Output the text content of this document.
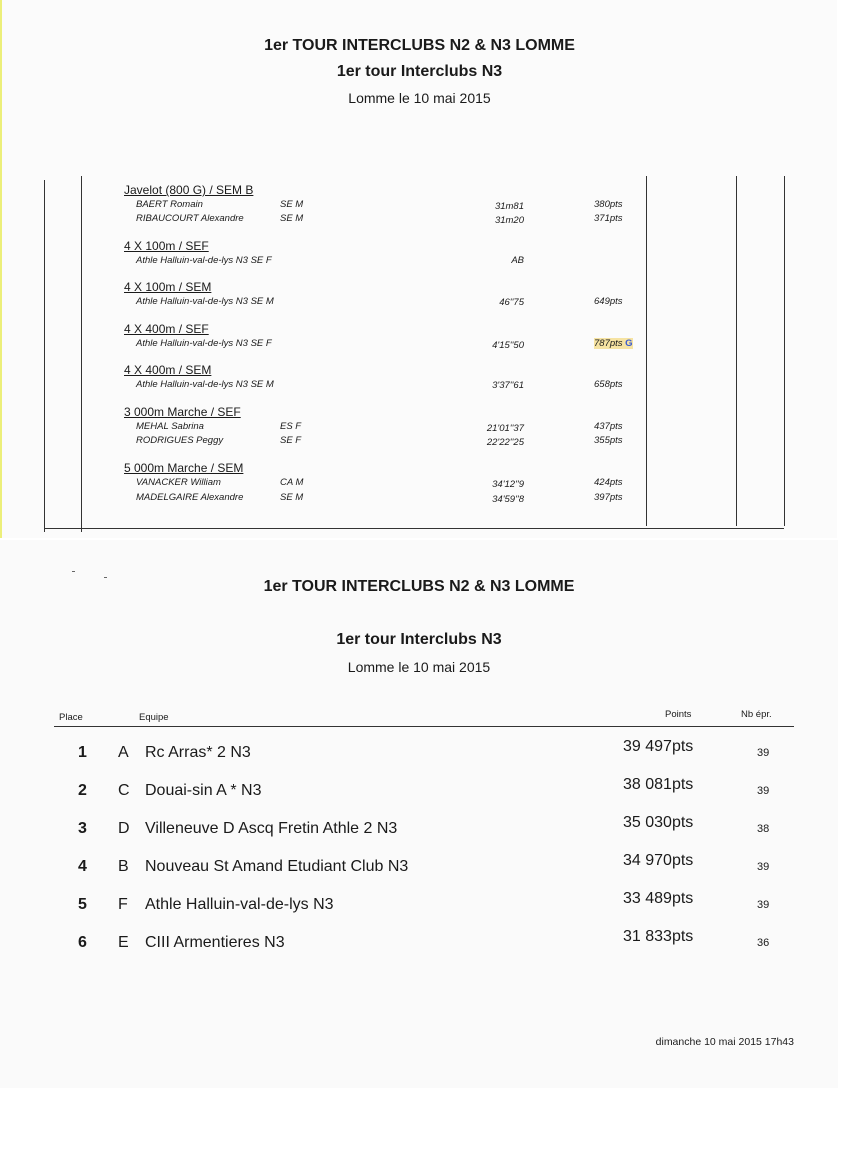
1er TOUR INTERCLUBS N2 & N3 LOMME
1er tour Interclubs N3
Lomme le 10 mai 2015
Javelot (800 G) / SEM B
BAERT Romain	SE M	31m81	380pts
RIBAUCOURT Alexandre	SE M	31m20	371pts
4 X 100m / SEF
Athle Halluin-val-de-lys N3 SE F	AB
4 X 100m / SEM
Athle Halluin-val-de-lys N3 SE M	46''75	649pts
4 X 400m / SEF
Athle Halluin-val-de-lys N3 SE F	4'15''50	787pts G
4 X 400m / SEM
Athle Halluin-val-de-lys N3 SE M	3'37''61	658pts
3 000m Marche / SEF
MEHAL Sabrina	ES F	21'01''37	437pts
RODRIGUES Peggy	SE F	22'22''25	355pts
5 000m Marche / SEM
VANACKER William	CA M	34'12''9	424pts
MADELGAIRE Alexandre	SE M	34'59''8	397pts
1er TOUR INTERCLUBS N2 & N3 LOMME
1er tour Interclubs N3
Lomme le 10 mai 2015
Place	Equipe	Points	Nb épr.
1 A Rc Arras* 2 N3	39 497pts	39
2 C Douai-sin A * N3	38 081pts	39
3 D Villeneuve D Ascq Fretin Athle 2 N3	35 030pts	38
4 B Nouveau St Amand Etudiant Club N3	34 970pts	39
5 F Athle Halluin-val-de-lys N3	33 489pts	39
6 E CIII Armentieres N3	31 833pts	36
dimanche 10 mai 2015 17h43
